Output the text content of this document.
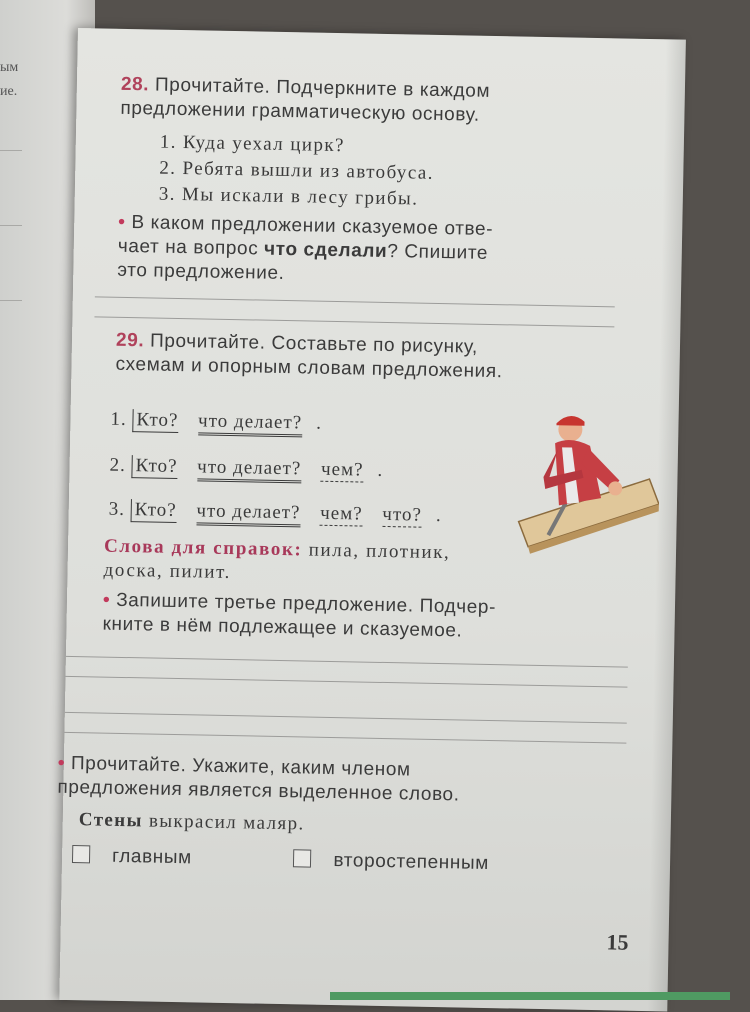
ым
ие.	28. Прочитайте. Подчеркните в каждом
предложении грамматическую основу.
1. Куда уехал цирк?
2. Ребята вышли из автобуса.
3. Мы искали в лесу грибы.
• В каком предложении сказуемое отве-
чает на вопрос что сделали? Спишите
это предложение.
29. Прочитайте. Составьте по рисунку,
схемам и опорным словам предложения.
1. Кто? что делает? .
2. Кто? что делает? чем? .
3. Кто? что делает? чем? что? .
Слова для справок: пила, плотник,
доска, пилит.
• Запишите третье предложение. Подчер-
кните в нём подлежащее и сказуемое.
• Прочитайте. Укажите, каким членом
предложения является выделенное слово.
Стены выкрасил маляр.
главным	второстепенным
15
